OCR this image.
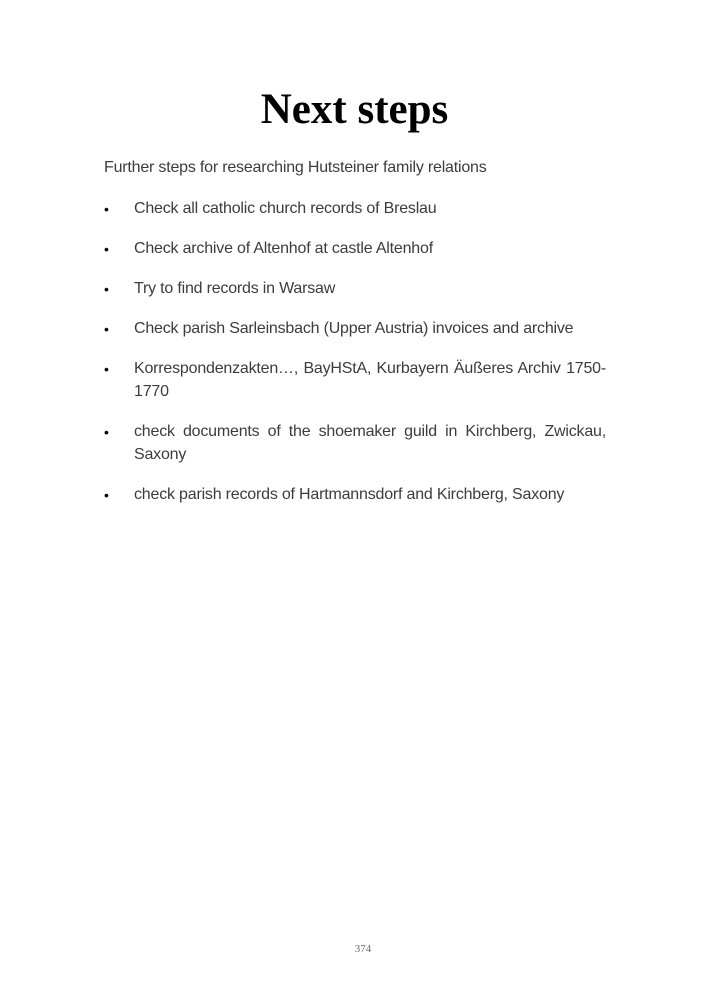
Next steps

Further steps for researching Hutsteiner family relations

•	Check all catholic church records of Breslau
•	Check archive of Altenhof at castle Altenhof
•	Try to find records in Warsaw
•	Check parish Sarleinsbach (Upper Austria) invoices and archive
•	Korrespondenzakten…, BayHStA, Kurbayern Äußeres Archiv 1750-1770
•	check documents of the shoemaker guild in Kirchberg, Zwickau, Saxony
•	check parish records of Hartmannsdorf and Kirchberg, Saxony
374
